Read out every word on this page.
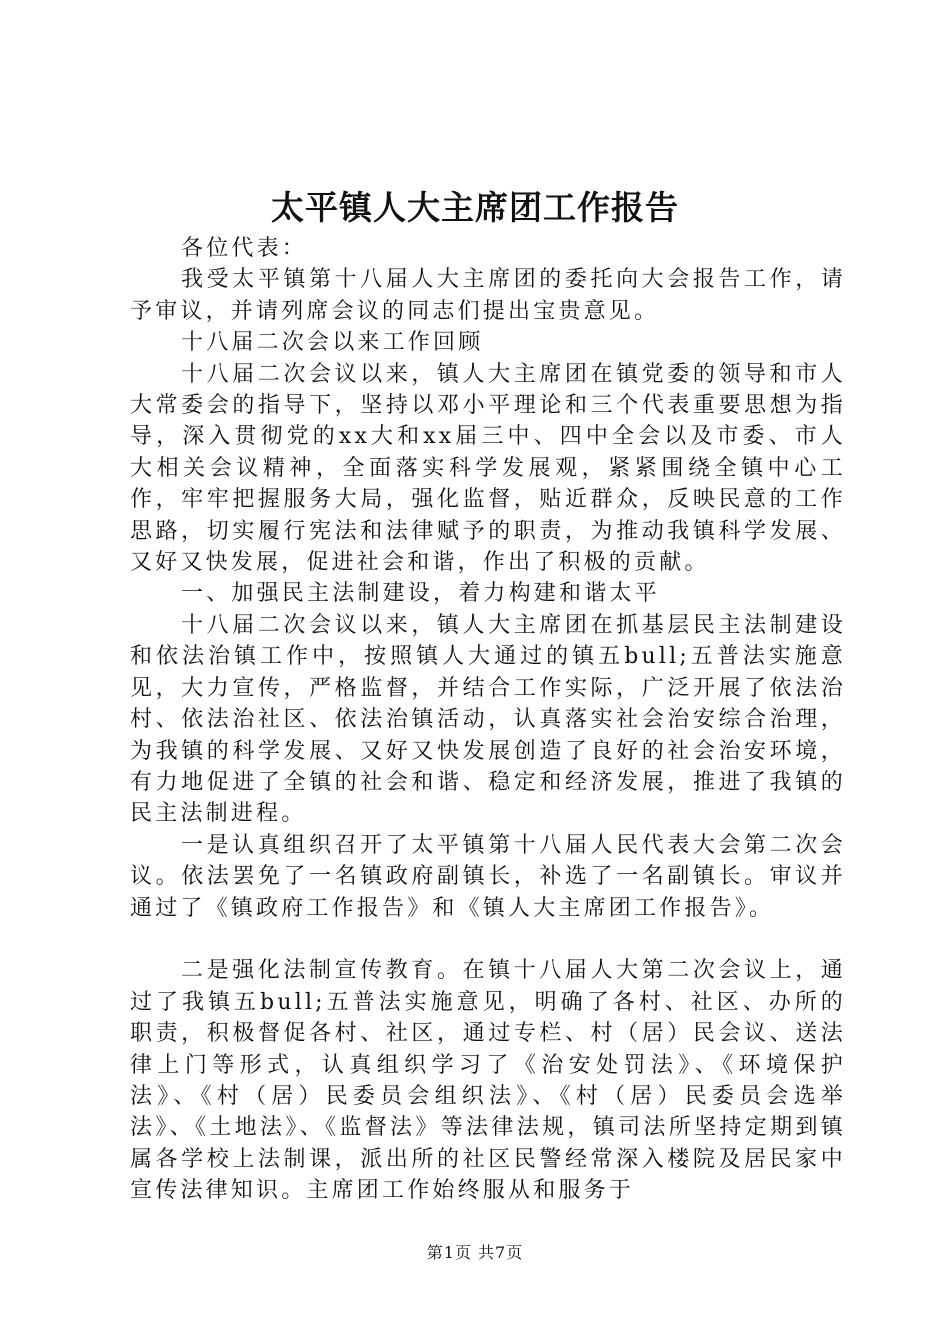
太平镇人大主席团工作报告

各位代表：

我受太平镇第十八届人大主席团的委托向大会报告工作，请予审议，并请列席会议的同志们提出宝贵意见。

十八届二次会以来工作回顾

十八届二次会议以来，镇人大主席团在镇党委的领导和市人大常委会的指导下，坚持以邓小平理论和三个代表重要思想为指导，深入贯彻党的xx大和xx届三中、四中全会以及市委、市人大相关会议精神，全面落实科学发展观，紧紧围绕全镇中心工作，牢牢把握服务大局，强化监督，贴近群众，反映民意的工作思路，切实履行宪法和法律赋予的职责，为推动我镇科学发展、又好又快发展，促进社会和谐，作出了积极的贡献。

一、加强民主法制建设，着力构建和谐太平

十八届二次会议以来，镇人大主席团在抓基层民主法制建设和依法治镇工作中，按照镇人大通过的镇五bull;五普法实施意见，大力宣传，严格监督，并结合工作实际，广泛开展了依法治村、依法治社区、依法治镇活动，认真落实社会治安综合治理，为我镇的科学发展、又好又快发展创造了良好的社会治安环境，有力地促进了全镇的社会和谐、稳定和经济发展，推进了我镇的民主法制进程。

一是认真组织召开了太平镇第十八届人民代表大会第二次会议。依法罢免了一名镇政府副镇长，补选了一名副镇长。审议并通过了《镇政府工作报告》和《镇人大主席团工作报告》。

二是强化法制宣传教育。在镇十八届人大第二次会议上，通过了我镇五bull;五普法实施意见，明确了各村、社区、办所的职责，积极督促各村、社区，通过专栏、村（居）民会议、送法律上门等形式，认真组织学习了《治安处罚法》、《环境保护法》、《村（居）民委员会组织法》、《村（居）民委员会选举法》、《土地法》、《监督法》等法律法规，镇司法所坚持定期到镇属各学校上法制课，派出所的社区民警经常深入楼院及居民家中宣传法律知识。主席团工作始终服从和服务于

第1页 共7页
